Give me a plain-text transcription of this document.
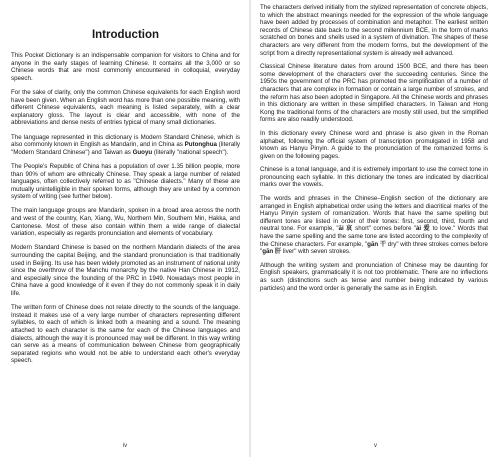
Introduction

This Pocket Dictionary is an indispensable companion for visitors to China and for anyone in the early stages of learning Chinese. It contains all the 3,000 or so Chinese words that are most commonly encountered in colloquial, everyday speech.

For the sake of clarity, only the common Chinese equivalents for each English word have been given. When an English word has more than one possible meaning, with different Chinese equivalents, each meaning is listed separately, with a clear explanatory gloss. The layout is clear and accessible, with none of the abbreviations and dense nests of entries typical of many small dictionaries.

The language represented in this dictionary is Modern Standard Chinese, which is also commonly known in English as Mandarin, and in China as Putonghua (literally "Modern Standard Chinese") and Taiwan as Guoyu (literally "national speech").

The People's Republic of China has a population of over 1.35 billion people, more than 90% of whom are ethnically Chinese. They speak a large number of related languages, often collectively referred to as "Chinese dialects." Many of these are mutually unintelligible in their spoken forms, although they are united by a common system of writing (see further below).

The main language groups are Mandarin, spoken in a broad area across the north and west of the country, Kan, Xiang, Wu, Northern Min, Southern Min, Hakka, and Cantonese. Most of these also contain within them a wide range of dialectal variation, especially as regards pronunciation and elements of vocabulary.

Modern Standard Chinese is based on the northern Mandarin dialects of the area surrounding the capital Beijing, and the standard pronunciation is that traditionally used in Beijing. Its use has been widely promoted as an instrument of national unity since the overthrow of the Manchu monarchy by the native Han Chinese in 1912, and especially since the founding of the PRC in 1949. Nowadays most people in China have a good knowledge of it even if they do not commonly speak it in daily life.

The written form of Chinese does not relate directly to the sounds of the language. Instead it makes use of a very large number of characters representing different syllables, to each of which is linked both a meaning and a sound. The meaning attached to each character is the same for each of the Chinese languages and dialects, although the way it is pronounced may well be different. In this way writing can serve as a means of communication between Chinese from geographically separated regions who would not be able to understand each other's everyday speech.

iv

The characters derived initially from the stylized representation of concrete objects, to which the abstract meanings needed for the expression of the whole language have been added by processes of combination and metaphor. The earliest written records of Chinese date back to the second millennium BCE, in the form of marks scratched on bones and shells used in a system of divination. The shapes of these characters are very different from the modern forms, but the development of the script from a directly representational system is already well advanced.

Classical Chinese literature dates from around 1500 BCE, and there has been some development of the characters over the succeeding centuries. Since the 1950s the government of the PRC has promoted the simplification of a number of characters that are complex in formation or contain a large number of strokes, and the reform has also been adopted in Singapore. All the Chinese words and phrases in this dictionary are written in these simplified characters. In Taiwan and Hong Kong the traditional forms of the characters are mostly still used, but the simplified forms are also readily understood.

In this dictionary every Chinese word and phrase is also given in the Roman alphabet, following the official system of transcription promulgated in 1958 and known as Hanyu Pinyin. A guide to the pronunciation of the romanized forms is given on the following pages.

Chinese is a tonal language, and it is extremely important to use the correct tone in pronouncing each syllable. In this dictionary the tones are indicated by diacritical marks over the vowels.

The words and phrases in the Chinese–English section of the dictionary are arranged in English alphabetical order using the letters and diacritical marks of the Hanyu Pinyin system of romanization. Words that have the same spelling but different tones are listed in order of their tones: first, second, third, fourth and neutral tone. For example, "āi 哀 short" comes before "ài 爱 to love." Words that have the same spelling and the same tone are listed according to the complexity of the Chinese characters. For example, "gān 干 dry" with three strokes comes before "gān 肝 liver" with seven strokes.

Although the writing system and pronunciation of Chinese may be daunting for English speakers, grammatically it is not too problematic. There are no inflections as such (distinctions such as tense and number being indicated by various particles) and the word order is generally the same as in English.

v
